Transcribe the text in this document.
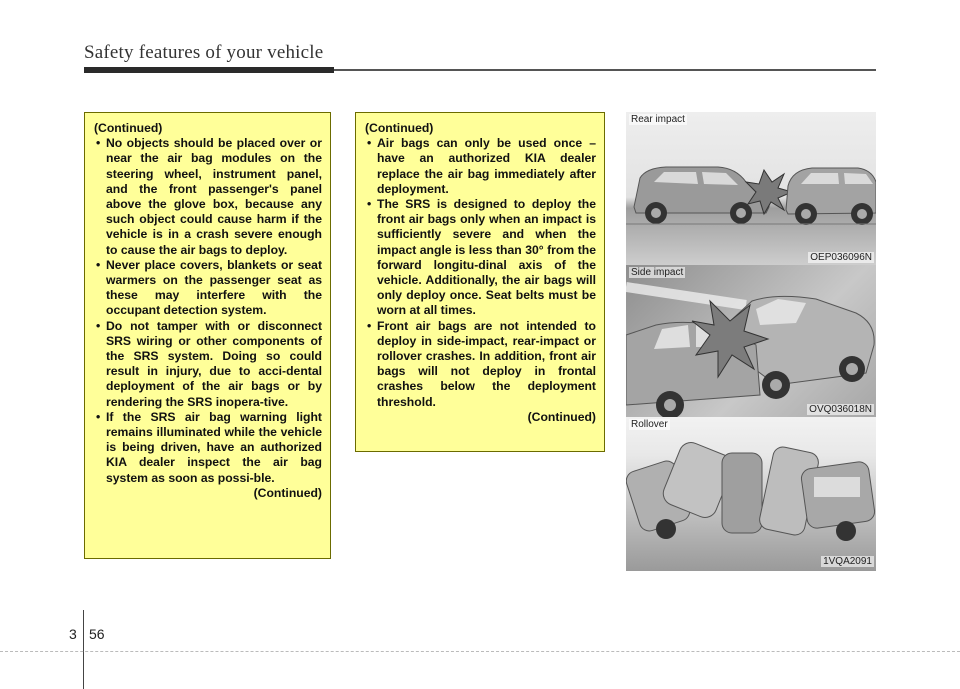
Safety features of your vehicle
(Continued)
• No objects should be placed over or near the air bag modules on the steering wheel, instrument panel, and the front passenger's panel above the glove box, because any such object could cause harm if the vehicle is in a crash severe enough to cause the air bags to deploy.
• Never place covers, blankets or seat warmers on the passenger seat as these may interfere with the occupant detection system.
• Do not tamper with or disconnect SRS wiring or other components of the SRS system. Doing so could result in injury, due to acci-dental deployment of the air bags or by rendering the SRS inopera-tive.
• If the SRS air bag warning light remains illuminated while the vehicle is being driven, have an authorized KIA dealer inspect the air bag system as soon as possi-ble.
(Continued)
(Continued)
• Air bags can only be used once – have an authorized KIA dealer replace the air bag immediately after deployment.
• The SRS is designed to deploy the front air bags only when an impact is sufficiently severe and when the impact angle is less than 30° from the forward longitu-dinal axis of the vehicle. Additionally, the air bags will only deploy once. Seat belts must be worn at all times.
• Front air bags are not intended to deploy in side-impact, rear-impact or rollover crashes. In addition, front air bags will not deploy in frontal crashes below the deployment threshold.
(Continued)
Rear impact
OEP036096N
Side impact
OVQ036018N
Rollover
1VQA2091
3 56
